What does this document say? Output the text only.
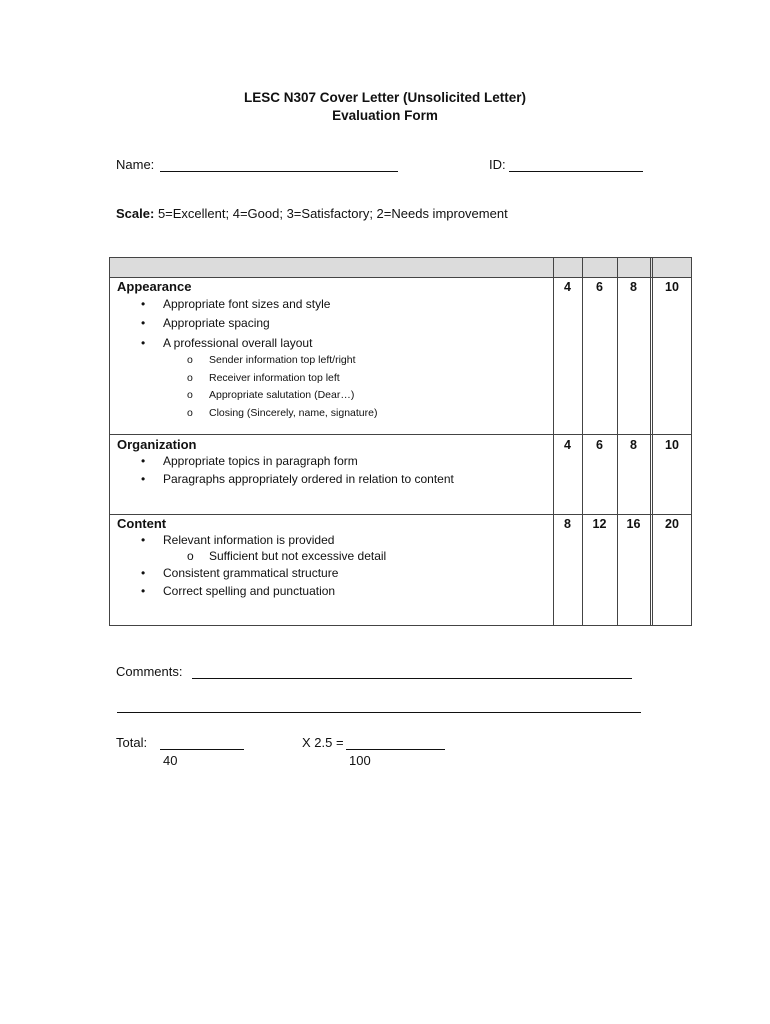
LESC N307 Cover Letter (Unsolicited Letter)
Evaluation Form
Name:	ID:
Scale: 5=Excellent; 4=Good; 3=Satisfactory; 2=Needs improvement
Appearance	4	6	8	10
• Appropriate font sizes and style
• Appropriate spacing
• A professional overall layout
o Sender information top left/right
o Receiver information top left
o Appropriate salutation (Dear…)
o Closing (Sincerely, name, signature)
Organization	4	6	8	10
• Appropriate topics in paragraph form
• Paragraphs appropriately ordered in relation to content
Content	8	12	16	20
• Relevant information is provided
o Sufficient but not excessive detail
• Consistent grammatical structure
• Correct spelling and punctuation
Comments:
Total:
40
X 2.5 =
100
